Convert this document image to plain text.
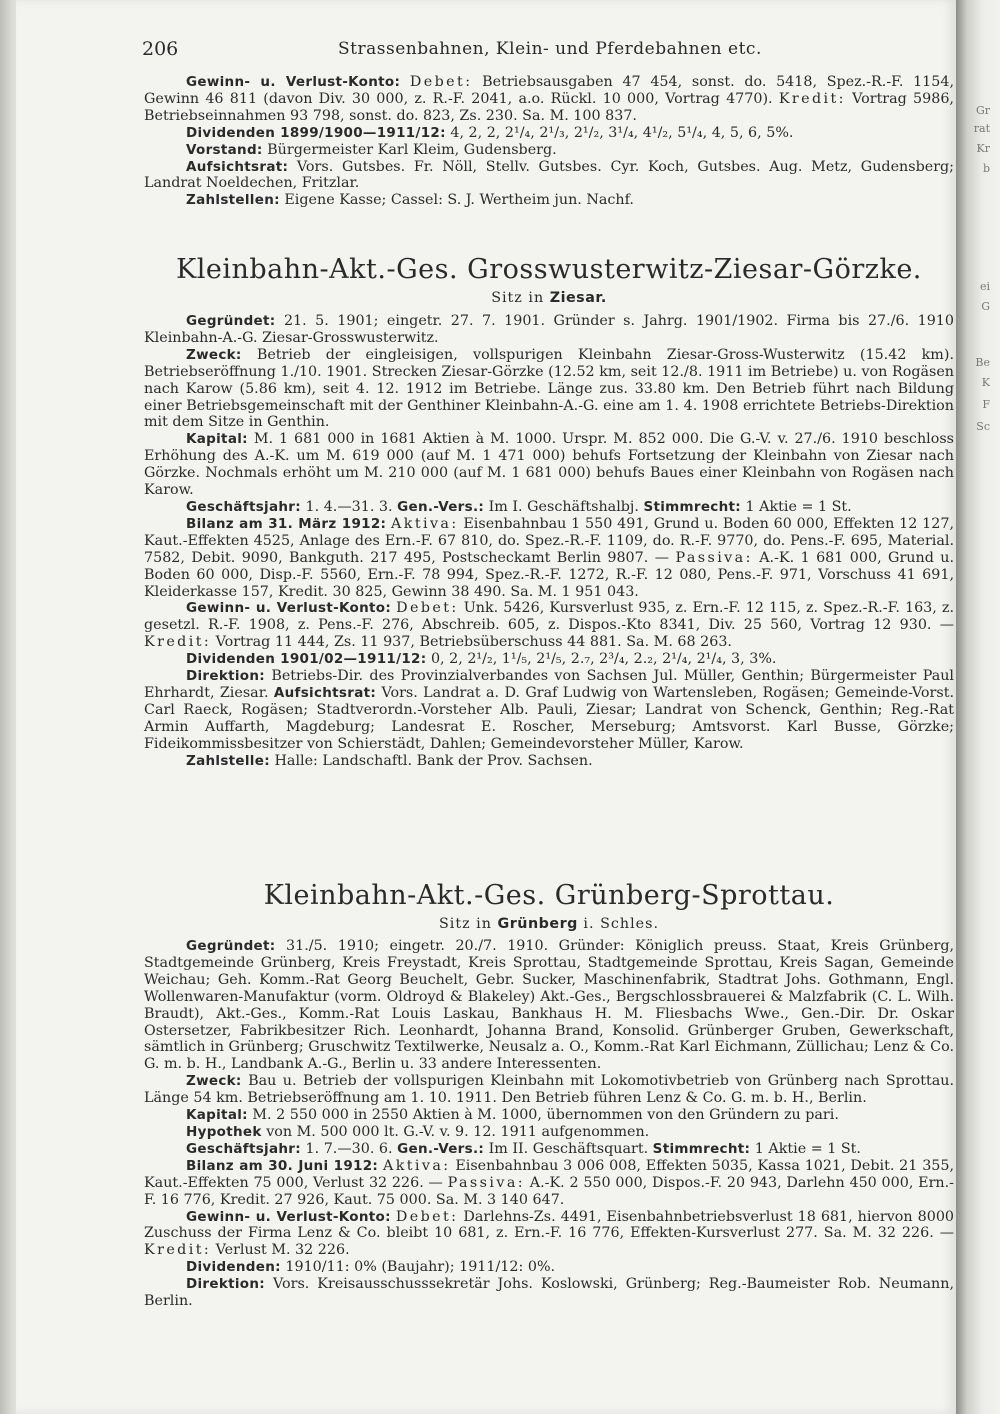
Gr
rat
Kr
b
ei
G
Be
K
F
Sc
206	Strassenbahnen, Klein- und Pferdebahnen etc.

Gewinn- u. Verlust-Konto: Debet: Betriebsausgaben 47 454, sonst. do. 5418, Spez.-R.-F. 1154, Gewinn 46 811 (davon Div. 30 000, z. R.-F. 2041, a.o. Rückl. 10 000, Vortrag 4770). Kredit: Vortrag 5986, Betriebseinnahmen 93 798, sonst. do. 823, Zs. 230. Sa. M. 100 837.

Dividenden 1899/1900—1911/12: 4, 2, 2, 2¹/₄, 2¹/₃, 2¹/₂, 3¹/₄, 4¹/₂, 5¹/₄, 4, 5, 6, 5%.

Vorstand: Bürgermeister Karl Kleim, Gudensberg.

Aufsichtsrat: Vors. Gutsbes. Fr. Nöll, Stellv. Gutsbes. Cyr. Koch, Gutsbes. Aug. Metz, Gudensberg; Landrat Noeldechen, Fritzlar.

Zahlstellen: Eigene Kasse; Cassel: S. J. Wertheim jun. Nachf.

Kleinbahn-Akt.-Ges. Grosswusterwitz-Ziesar-Görzke.
Sitz in Ziesar.

Gegründet: 21. 5. 1901; eingetr. 27. 7. 1901. Gründer s. Jahrg. 1901/1902. Firma bis 27./6. 1910 Kleinbahn-A.-G. Ziesar-Grosswusterwitz.

Zweck: Betrieb der eingleisigen, vollspurigen Kleinbahn Ziesar-Gross-Wusterwitz (15.42 km). Betriebseröffnung 1./10. 1901. Strecken Ziesar-Görzke (12.52 km, seit 12./8. 1911 im Betriebe) u. von Rogäsen nach Karow (5.86 km), seit 4. 12. 1912 im Betriebe. Länge zus. 33.80 km. Den Betrieb führt nach Bildung einer Betriebsgemeinschaft mit der Genthiner Kleinbahn-A.-G. eine am 1. 4. 1908 errichtete Betriebs-Direktion mit dem Sitze in Genthin.

Kapital: M. 1 681 000 in 1681 Aktien à M. 1000. Urspr. M. 852 000. Die G.-V. v. 27./6. 1910 beschloss Erhöhung des A.-K. um M. 619 000 (auf M. 1 471 000) behufs Fortsetzung der Kleinbahn von Ziesar nach Görzke. Nochmals erhöht um M. 210 000 (auf M. 1 681 000) behufs Baues einer Kleinbahn von Rogäsen nach Karow.

Geschäftsjahr: 1. 4.—31. 3. Gen.-Vers.: Im I. Geschäftshalbj. Stimmrecht: 1 Aktie = 1 St.

Bilanz am 31. März 1912: Aktiva: Eisenbahnbau 1 550 491, Grund u. Boden 60 000, Effekten 12 127, Kaut.-Effekten 4525, Anlage des Ern.-F. 67 810, do. Spez.-R.-F. 1109, do. R.-F. 9770, do. Pens.-F. 695, Material. 7582, Debit. 9090, Bankguth. 217 495, Postscheckamt Berlin 9807. — Passiva: A.-K. 1 681 000, Grund u. Boden 60 000, Disp.-F. 5560, Ern.-F. 78 994, Spez.-R.-F. 1272, R.-F. 12 080, Pens.-F. 971, Vorschuss 41 691, Kleiderkasse 157, Kredit. 30 825, Gewinn 38 490. Sa. M. 1 951 043.

Gewinn- u. Verlust-Konto: Debet: Unk. 5426, Kursverlust 935, z. Ern.-F. 12 115, z. Spez.-R.-F. 163, z. gesetzl. R.-F. 1908, z. Pens.-F. 276, Abschreib. 605, z. Dispos.-Kto 8341, Div. 25 560, Vortrag 12 930. — Kredit: Vortrag 11 444, Zs. 11 937, Betriebsüberschuss 44 881. Sa. M. 68 263.

Dividenden 1901/02—1911/12: 0, 2, 2¹/₂, 1¹/₅, 2¹/₅, 2.₇, 2³/₄, 2.₂, 2¹/₄, 2¹/₄, 3, 3%.

Direktion: Betriebs-Dir. des Provinzialverbandes von Sachsen Jul. Müller, Genthin; Bürgermeister Paul Ehrhardt, Ziesar. Aufsichtsrat: Vors. Landrat a. D. Graf Ludwig von Wartensleben, Rogäsen; Gemeinde-Vorst. Carl Raeck, Rogäsen; Stadtverordn.-Vorsteher Alb. Pauli, Ziesar; Landrat von Schenck, Genthin; Reg.-Rat Armin Auffarth, Magdeburg; Landesrat E. Roscher, Merseburg; Amtsvorst. Karl Busse, Görzke; Fideikommissbesitzer von Schierstädt, Dahlen; Gemeindevorsteher Müller, Karow.

Zahlstelle: Halle: Landschaftl. Bank der Prov. Sachsen.

Kleinbahn-Akt.-Ges. Grünberg-Sprottau.
Sitz in Grünberg i. Schles.

Gegründet: 31./5. 1910; eingetr. 20./7. 1910. Gründer: Königlich preuss. Staat, Kreis Grünberg, Stadtgemeinde Grünberg, Kreis Freystadt, Kreis Sprottau, Stadtgemeinde Sprottau, Kreis Sagan, Gemeinde Weichau; Geh. Komm.-Rat Georg Beuchelt, Gebr. Sucker, Maschinenfabrik, Stadtrat Johs. Gothmann, Engl. Wollenwaren-Manufaktur (vorm. Oldroyd & Blakeley) Akt.-Ges., Bergschlossbrauerei & Malzfabrik (C. L. Wilh. Braudt), Akt.-Ges., Komm.-Rat Louis Laskau, Bankhaus H. M. Fliesbachs Wwe., Gen.-Dir. Dr. Oskar Ostersetzer, Fabrikbesitzer Rich. Leonhardt, Johanna Brand, Konsolid. Grünberger Gruben, Gewerkschaft, sämtlich in Grünberg; Gruschwitz Textilwerke, Neusalz a. O., Komm.-Rat Karl Eichmann, Züllichau; Lenz & Co. G. m. b. H., Landbank A.-G., Berlin u. 33 andere Interessenten.

Zweck: Bau u. Betrieb der vollspurigen Kleinbahn mit Lokomotivbetrieb von Grünberg nach Sprottau. Länge 54 km. Betriebseröffnung am 1. 10. 1911. Den Betrieb führen Lenz & Co. G. m. b. H., Berlin.

Kapital: M. 2 550 000 in 2550 Aktien à M. 1000, übernommen von den Gründern zu pari.

Hypothek von M. 500 000 lt. G.-V. v. 9. 12. 1911 aufgenommen.

Geschäftsjahr: 1. 7.—30. 6. Gen.-Vers.: Im II. Geschäftsquart. Stimmrecht: 1 Aktie = 1 St.

Bilanz am 30. Juni 1912: Aktiva: Eisenbahnbau 3 006 008, Effekten 5035, Kassa 1021, Debit. 21 355, Kaut.-Effekten 75 000, Verlust 32 226. — Passiva: A.-K. 2 550 000, Dispos.-F. 20 943, Darlehn 450 000, Ern.-F. 16 776, Kredit. 27 926, Kaut. 75 000. Sa. M. 3 140 647.

Gewinn- u. Verlust-Konto: Debet: Darlehns-Zs. 4491, Eisenbahnbetriebsverlust 18 681, hiervon 8000 Zuschuss der Firma Lenz & Co. bleibt 10 681, z. Ern.-F. 16 776, Effekten-Kursverlust 277. Sa. M. 32 226. — Kredit: Verlust M. 32 226.

Dividenden: 1910/11: 0% (Baujahr); 1911/12: 0%.

Direktion: Vors. Kreisausschusssekretär Johs. Koslowski, Grünberg; Reg.-Baumeister Rob. Neumann, Berlin.
